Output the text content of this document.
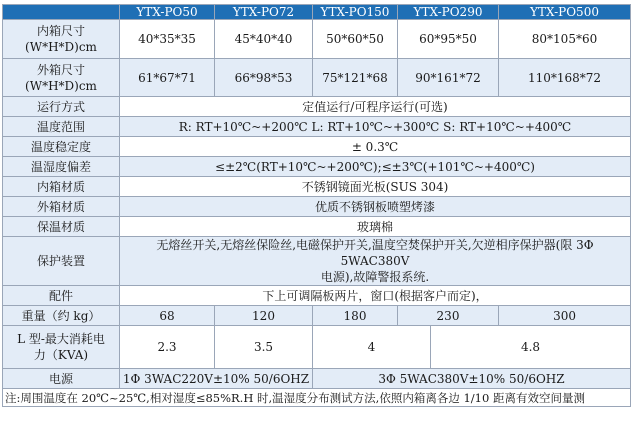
	YTX-PO50	YTX-PO72	YTX-PO150	YTX-PO290		YTX-PO500	

内箱尺寸
(W*H*D)cm	40*35*35	45*40*40	50*60*50	60*95*50		80*105*60	

外箱尺寸
(W*H*D)cm	61*67*71	66*98*53	75*121*68	90*161*72		110*168*72	
运行方式	定值运行/可程序运行(可选)						
温度范围	R: RT+10℃~+200℃ L: RT+10℃~+300℃ S: RT+10℃~+400℃						
温度稳定度	± 0.3℃						
温湿度偏差	≤±2℃(RT+10℃~+200℃);≤±3℃(+101℃~+400℃)						
内箱材质	不锈钢镜面光板(SUS 304)						
外箱材质	优质不锈钢板喷塑烤漆						
保温材质	玻璃棉						
保护装置	无熔丝开关,无熔丝保险丝,电磁保护开关,温度空焚保护开关,欠逆相序保护器(限 3Φ 5WAC380V
电源),故障警报系统.						

配件	下上可调隔板两片，窗口(根据客户而定)，						
重量（约 kg）	68	120	180	230		300	

L 型-最大消耗电
力（KVA)	2.3	3.5	4		4.8	
电源	1Φ 3WAC220V±10% 50/6OHZ		3Φ 5WAC380V±10% 50/6OHZ				
注:周围温度在 20℃~25℃,相对湿度≤85%R.H 时,温湿度分布测试方法,依照内箱离各边 1/10 距离有效空间量测							
